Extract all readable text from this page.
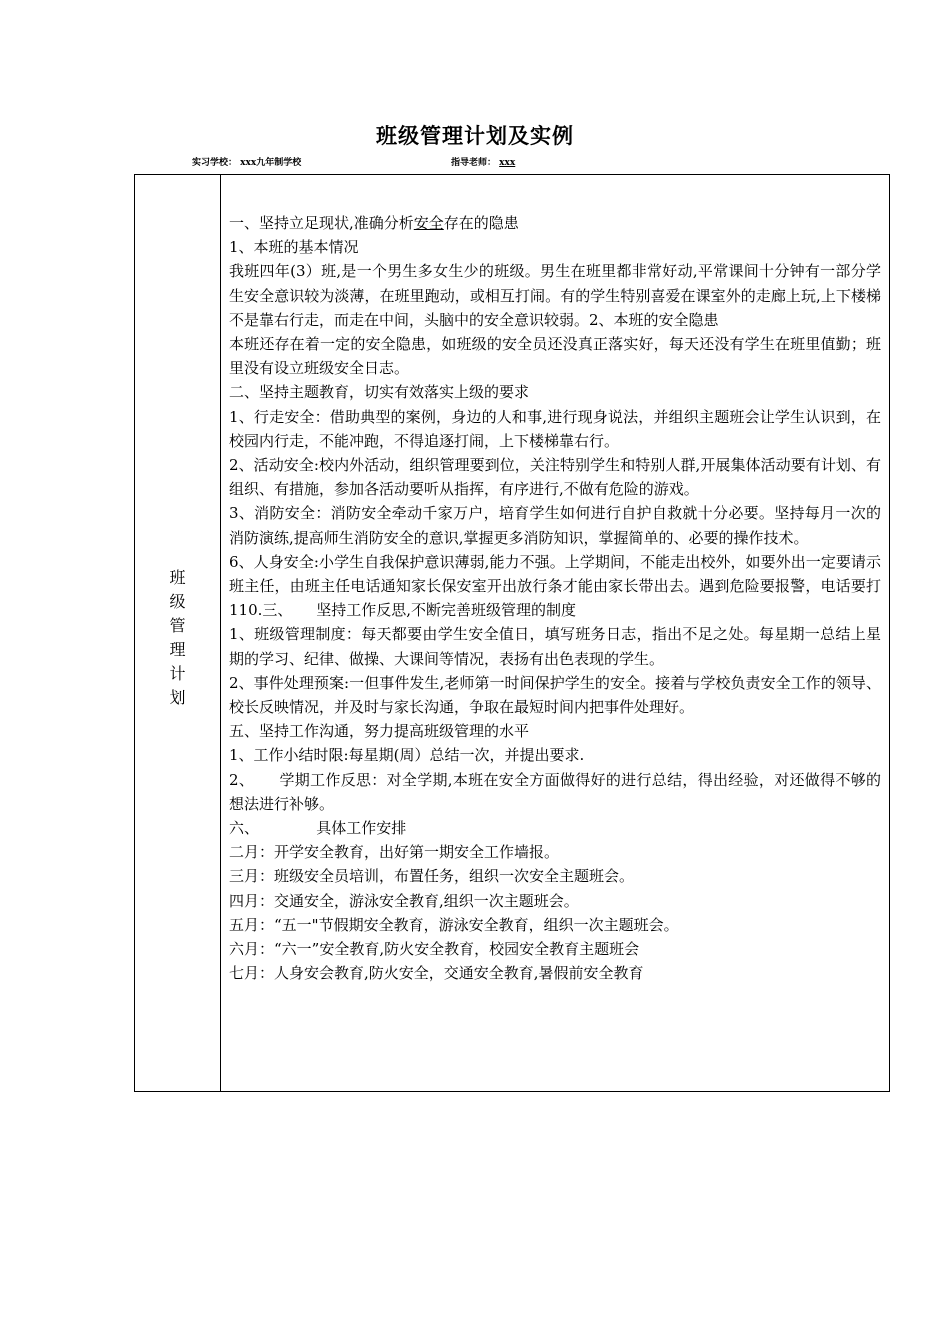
班级管理计划及实例
实习学校： xxx九年制学校	指导老师： xxx
班级管理计划

一、坚持立足现状,准确分析安全存在的隐患

1、本班的基本情况

我班四年(3）班,是一个男生多女生少的班级。男生在班里都非常好动,平常课间十分钟有一部分学生安全意识较为淡薄，在班里跑动，或相互打闹。有的学生特别喜爱在课室外的走廊上玩,上下楼梯不是靠右行走，而走在中间，头脑中的安全意识较弱。2、本班的安全隐患

本班还存在着一定的安全隐患，如班级的安全员还没真正落实好，每天还没有学生在班里值勤；班里没有设立班级安全日志。

二、坚持主题教育，切实有效落实上级的要求

1、行走安全：借助典型的案例，身边的人和事,进行现身说法，并组织主题班会让学生认识到，在校园内行走，不能冲跑，不得追逐打闹，上下楼梯靠右行。

2、活动安全:校内外活动，组织管理要到位，关注特别学生和特别人群,开展集体活动要有计划、有组织、有措施，参加各活动要听从指挥，有序进行,不做有危险的游戏。

3、消防安全：消防安全牵动千家万户，培育学生如何进行自护自救就十分必要。坚持每月一次的消防演练,提高师生消防安全的意识,掌握更多消防知识，掌握简单的、必要的操作技术。

6、人身安全:小学生自我保护意识薄弱,能力不强。上学期间，不能走出校外，如要外出一定要请示班主任，由班主任电话通知家长保安室开出放行条才能由家长带出去。遇到危险要报警，电话要打 110.三、     坚持工作反思,不断完善班级管理的制度

1、班级管理制度：每天都要由学生安全值日，填写班务日志，指出不足之处。每星期一总结上星期的学习、纪律、做操、大课间等情况，表扬有出色表现的学生。

2、事件处理预案:一但事件发生,老师第一时间保护学生的安全。接着与学校负责安全工作的领导、校长反映情况，并及时与家长沟通，争取在最短时间内把事件处理好。

五、坚持工作沟通，努力提高班级管理的水平

1、工作小结时限:每星期(周）总结一次，并提出要求.

2、     学期工作反思：对全学期,本班在安全方面做得好的进行总结，得出经验，对还做得不够的想法进行补够。

六、            具体工作安排

二月：开学安全教育，出好第一期安全工作墙报。

三月：班级安全员培训，布置任务，组织一次安全主题班会。

四月：交通安全，游泳安全教育,组织一次主题班会。

五月：“五一"节假期安全教育，游泳安全教育，组织一次主题班会。

六月：“六一”安全教育,防火安全教育，校园安全教育主题班会

七月：人身安会教育,防火安全，交通安全教育,暑假前安全教育
